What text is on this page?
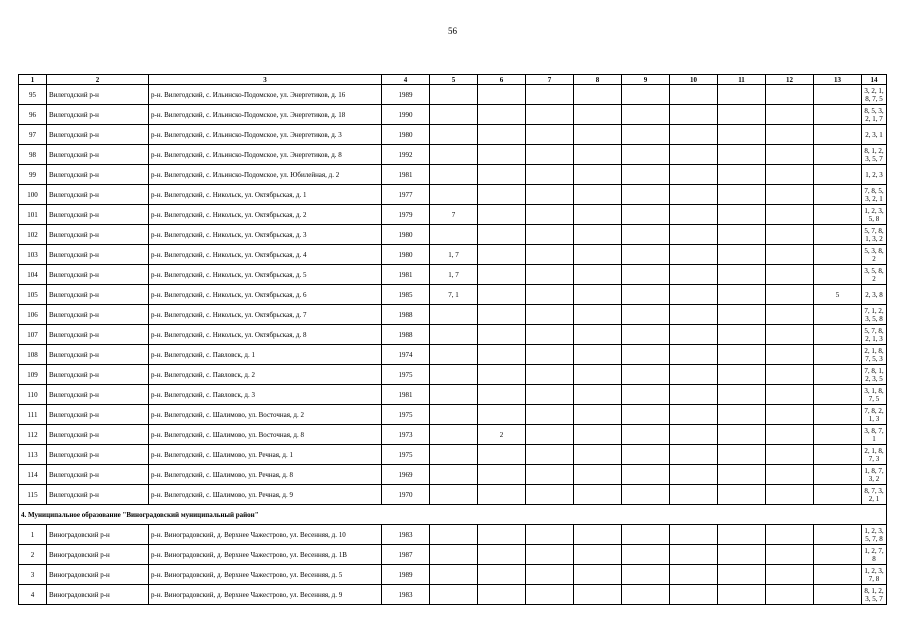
56
1	2	3	4	5	6	7	8	9	10	11	12	13	14
95	Вилегодский р-н	р-н. Вилегодский, с. Ильинско-Подомское, ул. Энергетиков, д. 16	1989										3, 2, 1, 8, 7, 5
96	Вилегодский р-н	р-н. Вилегодский, с. Ильинско-Подомское, ул. Энергетиков, д. 18	1990										8, 5, 3, 2, 1, 7
97	Вилегодский р-н	р-н. Вилегодский, с. Ильинско-Подомское, ул. Энергетиков, д. 3	1980										2, 3, 1
98	Вилегодский р-н	р-н. Вилегодский, с. Ильинско-Подомское, ул. Энергетиков, д. 8	1992										8, 1, 2, 3, 5, 7
99	Вилегодский р-н	р-н. Вилегодский, с. Ильинско-Подомское, ул. Юбилейная, д. 2	1981										1, 2, 3
100	Вилегодский р-н	р-н. Вилегодский, с. Никольск, ул. Октябрьская, д. 1	1977										7, 8, 5, 3, 2, 1
101	Вилегодский р-н	р-н. Вилегодский, с. Никольск, ул. Октябрьская, д. 2	1979	7									1, 2, 3, 5, 8
102	Вилегодский р-н	р-н. Вилегодский, с. Никольск, ул. Октябрьская, д. 3	1980										5, 7, 8, 1, 3, 2
103	Вилегодский р-н	р-н. Вилегодский, с. Никольск, ул. Октябрьская, д. 4	1980	1, 7									5, 3, 8, 2
104	Вилегодский р-н	р-н. Вилегодский, с. Никольск, ул. Октябрьская, д. 5	1981	1, 7									3, 5, 8, 2
105	Вилегодский р-н	р-н. Вилегодский, с. Никольск, ул. Октябрьская, д. 6	1985	7, 1								5	2, 3, 8
106	Вилегодский р-н	р-н. Вилегодский, с. Никольск, ул. Октябрьская, д. 7	1988										7, 1, 2, 3, 5, 8
107	Вилегодский р-н	р-н. Вилегодский, с. Никольск, ул. Октябрьская, д. 8	1988										5, 7, 8, 2, 1, 3
108	Вилегодский р-н	р-н. Вилегодский, с. Павловск, д. 1	1974										2, 1, 8, 7, 5, 3
109	Вилегодский р-н	р-н. Вилегодский, с. Павловск, д. 2	1975										7, 8, 1, 2, 3, 5
110	Вилегодский р-н	р-н. Вилегодский, с. Павловск, д. 3	1981										3, 1, 8, 7, 5
111	Вилегодский р-н	р-н. Вилегодский, с. Шалимово, ул. Восточная, д. 2	1975										7, 8, 2, 1, 3
112	Вилегодский р-н	р-н. Вилегодский, с. Шалимово, ул. Восточная, д. 8	1973		2								3, 8, 7, 1
113	Вилегодский р-н	р-н. Вилегодский, с. Шалимово, ул. Речная, д. 1	1975										2, 1, 8, 7, 3
114	Вилегодский р-н	р-н. Вилегодский, с. Шалимово, ул. Речная, д. 8	1969										1, 8, 7, 3, 2
115	Вилегодский р-н	р-н. Вилегодский, с. Шалимово, ул. Речная, д. 9	1970										8, 7, 3, 2, 1
4. Муниципальное образование "Виноградовский муниципальный район"													
1	Виноградовский р-н	р-н. Виноградовский, д. Верхнее Чажестрово, ул. Весенняя, д. 10	1983										1, 2, 3, 5, 7, 8
2	Виноградовский р-н	р-н. Виноградовский, д. Верхнее Чажестрово, ул. Весенняя, д. 1В	1987										1, 2, 7, 8
3	Виноградовский р-н	р-н. Виноградовский, д. Верхнее Чажестрово, ул. Весенняя, д. 5	1989										1, 2, 3, 7, 8
4	Виноградовский р-н	р-н. Виноградовский, д. Верхнее Чажестрово, ул. Весенняя, д. 9	1983										8, 1, 2, 3, 5, 7
